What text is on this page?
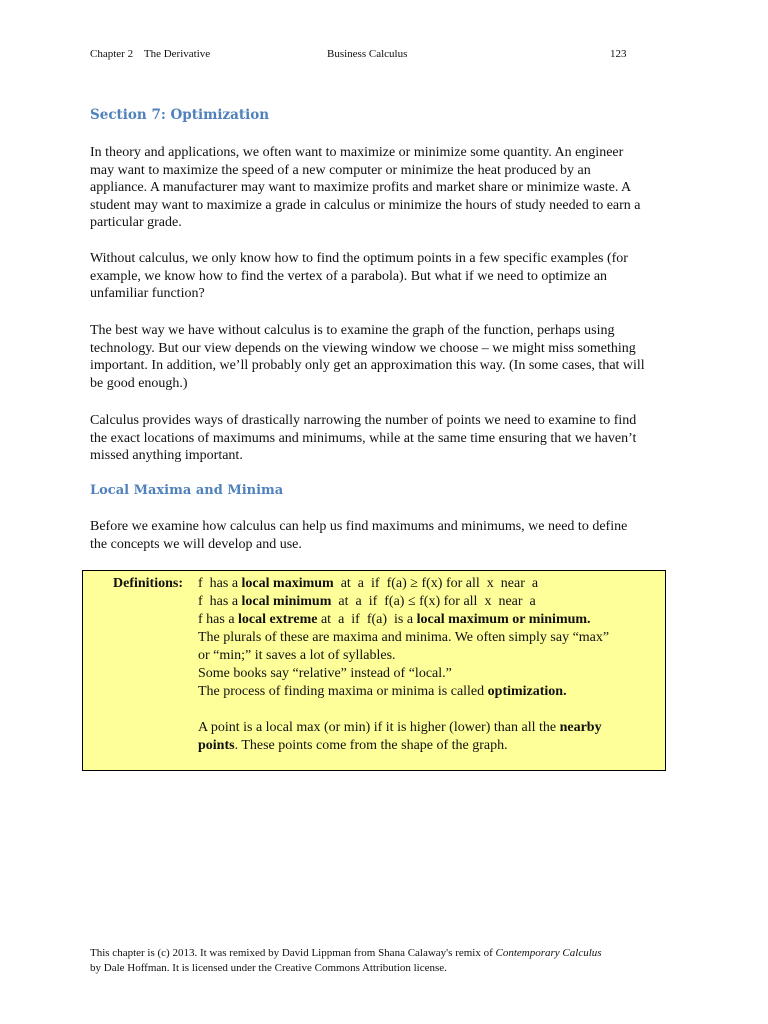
Chapter 2    The Derivative	Business Calculus	123
Section 7: Optimization
In theory and applications, we often want to maximize or minimize some quantity. An engineer
may want to maximize the speed of a new computer or minimize the heat produced by an
appliance. A manufacturer may want to maximize profits and market share or minimize waste. A
student may want to maximize a grade in calculus or minimize the hours of study needed to earn a
particular grade.
Without calculus, we only know how to find the optimum points in a few specific examples (for
example, we know how to find the vertex of a parabola). But what if we need to optimize an
unfamiliar function?
The best way we have without calculus is to examine the graph of the function, perhaps using
technology. But our view depends on the viewing window we choose – we might miss something
important. In addition, we’ll probably only get an approximation this way. (In some cases, that will
be good enough.)
Calculus provides ways of drastically narrowing the number of points we need to examine to find
the exact locations of maximums and minimums, while at the same time ensuring that we haven’t
missed anything important.
Local Maxima and Minima
Before we examine how calculus can help us find maximums and minimums, we need to define
the concepts we will develop and use.
Definitions: f  has a local maximum  at  a  if  f(a) ≥ f(x) for all  x  near  a
f  has a local minimum  at  a  if  f(a) ≤ f(x) for all  x  near  a
f has a local extreme at  a  if  f(a)  is a local maximum or minimum.
The plurals of these are maxima and minima. We often simply say “max”
or “min;” it saves a lot of syllables.
Some books say “relative” instead of “local.”
The process of finding maxima or minima is called optimization.
A point is a local max (or min) if it is higher (lower) than all the nearby
points. These points come from the shape of the graph.
This chapter is (c) 2013. It was remixed by David Lippman from Shana Calaway's remix of Contemporary Calculus
by Dale Hoffman. It is licensed under the Creative Commons Attribution license.
